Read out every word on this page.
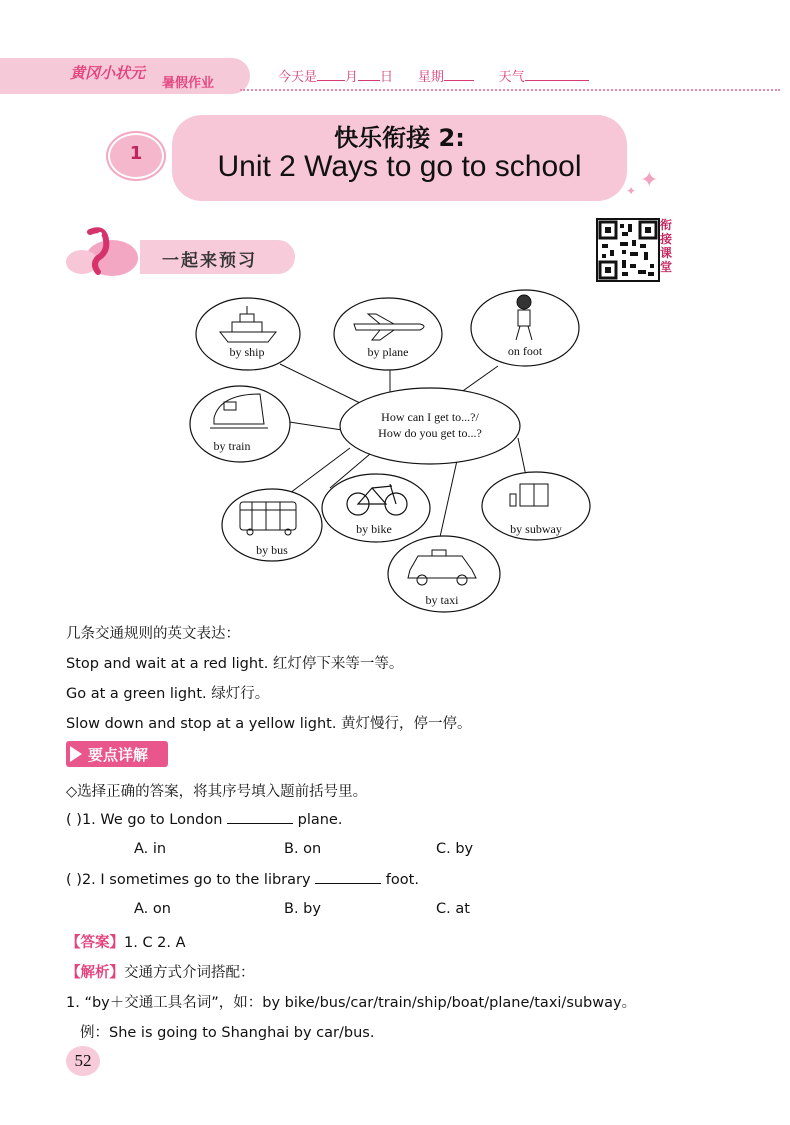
黄冈小状元
暑假作业	今天是 月 日 星期	天气
1
快乐衔接 2:
Unit 2 Ways to go to school	✦
✦
一起来预习
衔接课堂
How can I get to...?/
How do you get to...?
by ship	by plane	on foot
by train
by subway
by bike
by bus
by taxi
几条交通规则的英文表达：
Stop and wait at a red light. 红灯停下来等一等。
Go at a green light. 绿灯行。
Slow down and stop at a yellow light. 黄灯慢行，停一停。
要点详解
◇选择正确的答案，将其序号填入题前括号里。
( )1. We go to London	plane.
A. in	B. on	C. by
( )2. I sometimes go to the library	foot.
A. on	B. by	C. at
【答案】1. C 2. A
【解析】交通方式介词搭配：
1. “by＋交通工具名词”，如：by bike/bus/car/train/ship/boat/plane/taxi/subway。
例：She is going to Shanghai by car/bus.
52
